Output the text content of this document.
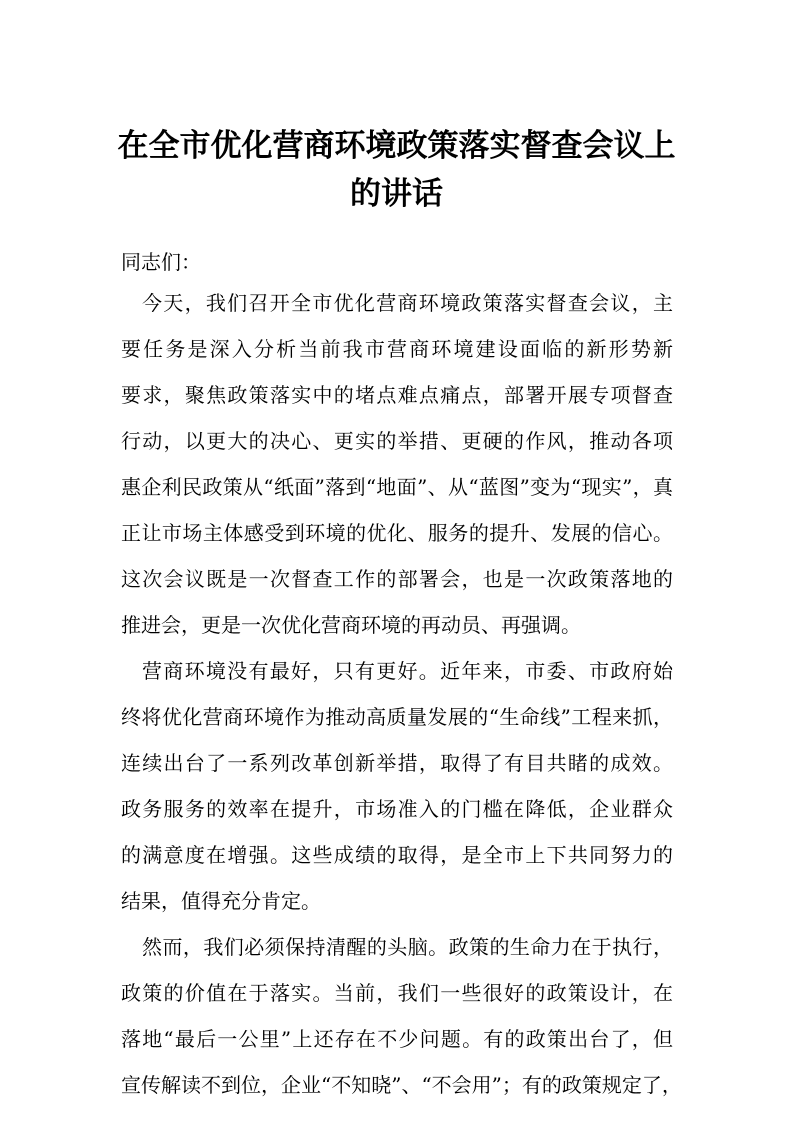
在全市优化营商环境政策落实督查会议上
的讲话
同志们：
今天，我们召开全市优化营商环境政策落实督查会议，主
要任务是深入分析当前我市营商环境建设面临的新形势新
要求，聚焦政策落实中的堵点难点痛点，部署开展专项督查
行动，以更大的决心、更实的举措、更硬的作风，推动各项
惠企利民政策从“纸面”落到“地面”、从“蓝图”变为“现实”，真
正让市场主体感受到环境的优化、服务的提升、发展的信心。
这次会议既是一次督查工作的部署会，也是一次政策落地的
推进会，更是一次优化营商环境的再动员、再强调。
营商环境没有最好，只有更好。近年来，市委、市政府始
终将优化营商环境作为推动高质量发展的“生命线”工程来抓，
连续出台了一系列改革创新举措，取得了有目共睹的成效。
政务服务的效率在提升，市场准入的门槛在降低，企业群众
的满意度在增强。这些成绩的取得，是全市上下共同努力的
结果，值得充分肯定。
然而，我们必须保持清醒的头脑。政策的生命力在于执行，
政策的价值在于落实。当前，我们一些很好的政策设计，在
落地“最后一公里”上还存在不少问题。有的政策出台了，但
宣传解读不到位，企业“不知晓”、“不会用”；有的政策规定了，
